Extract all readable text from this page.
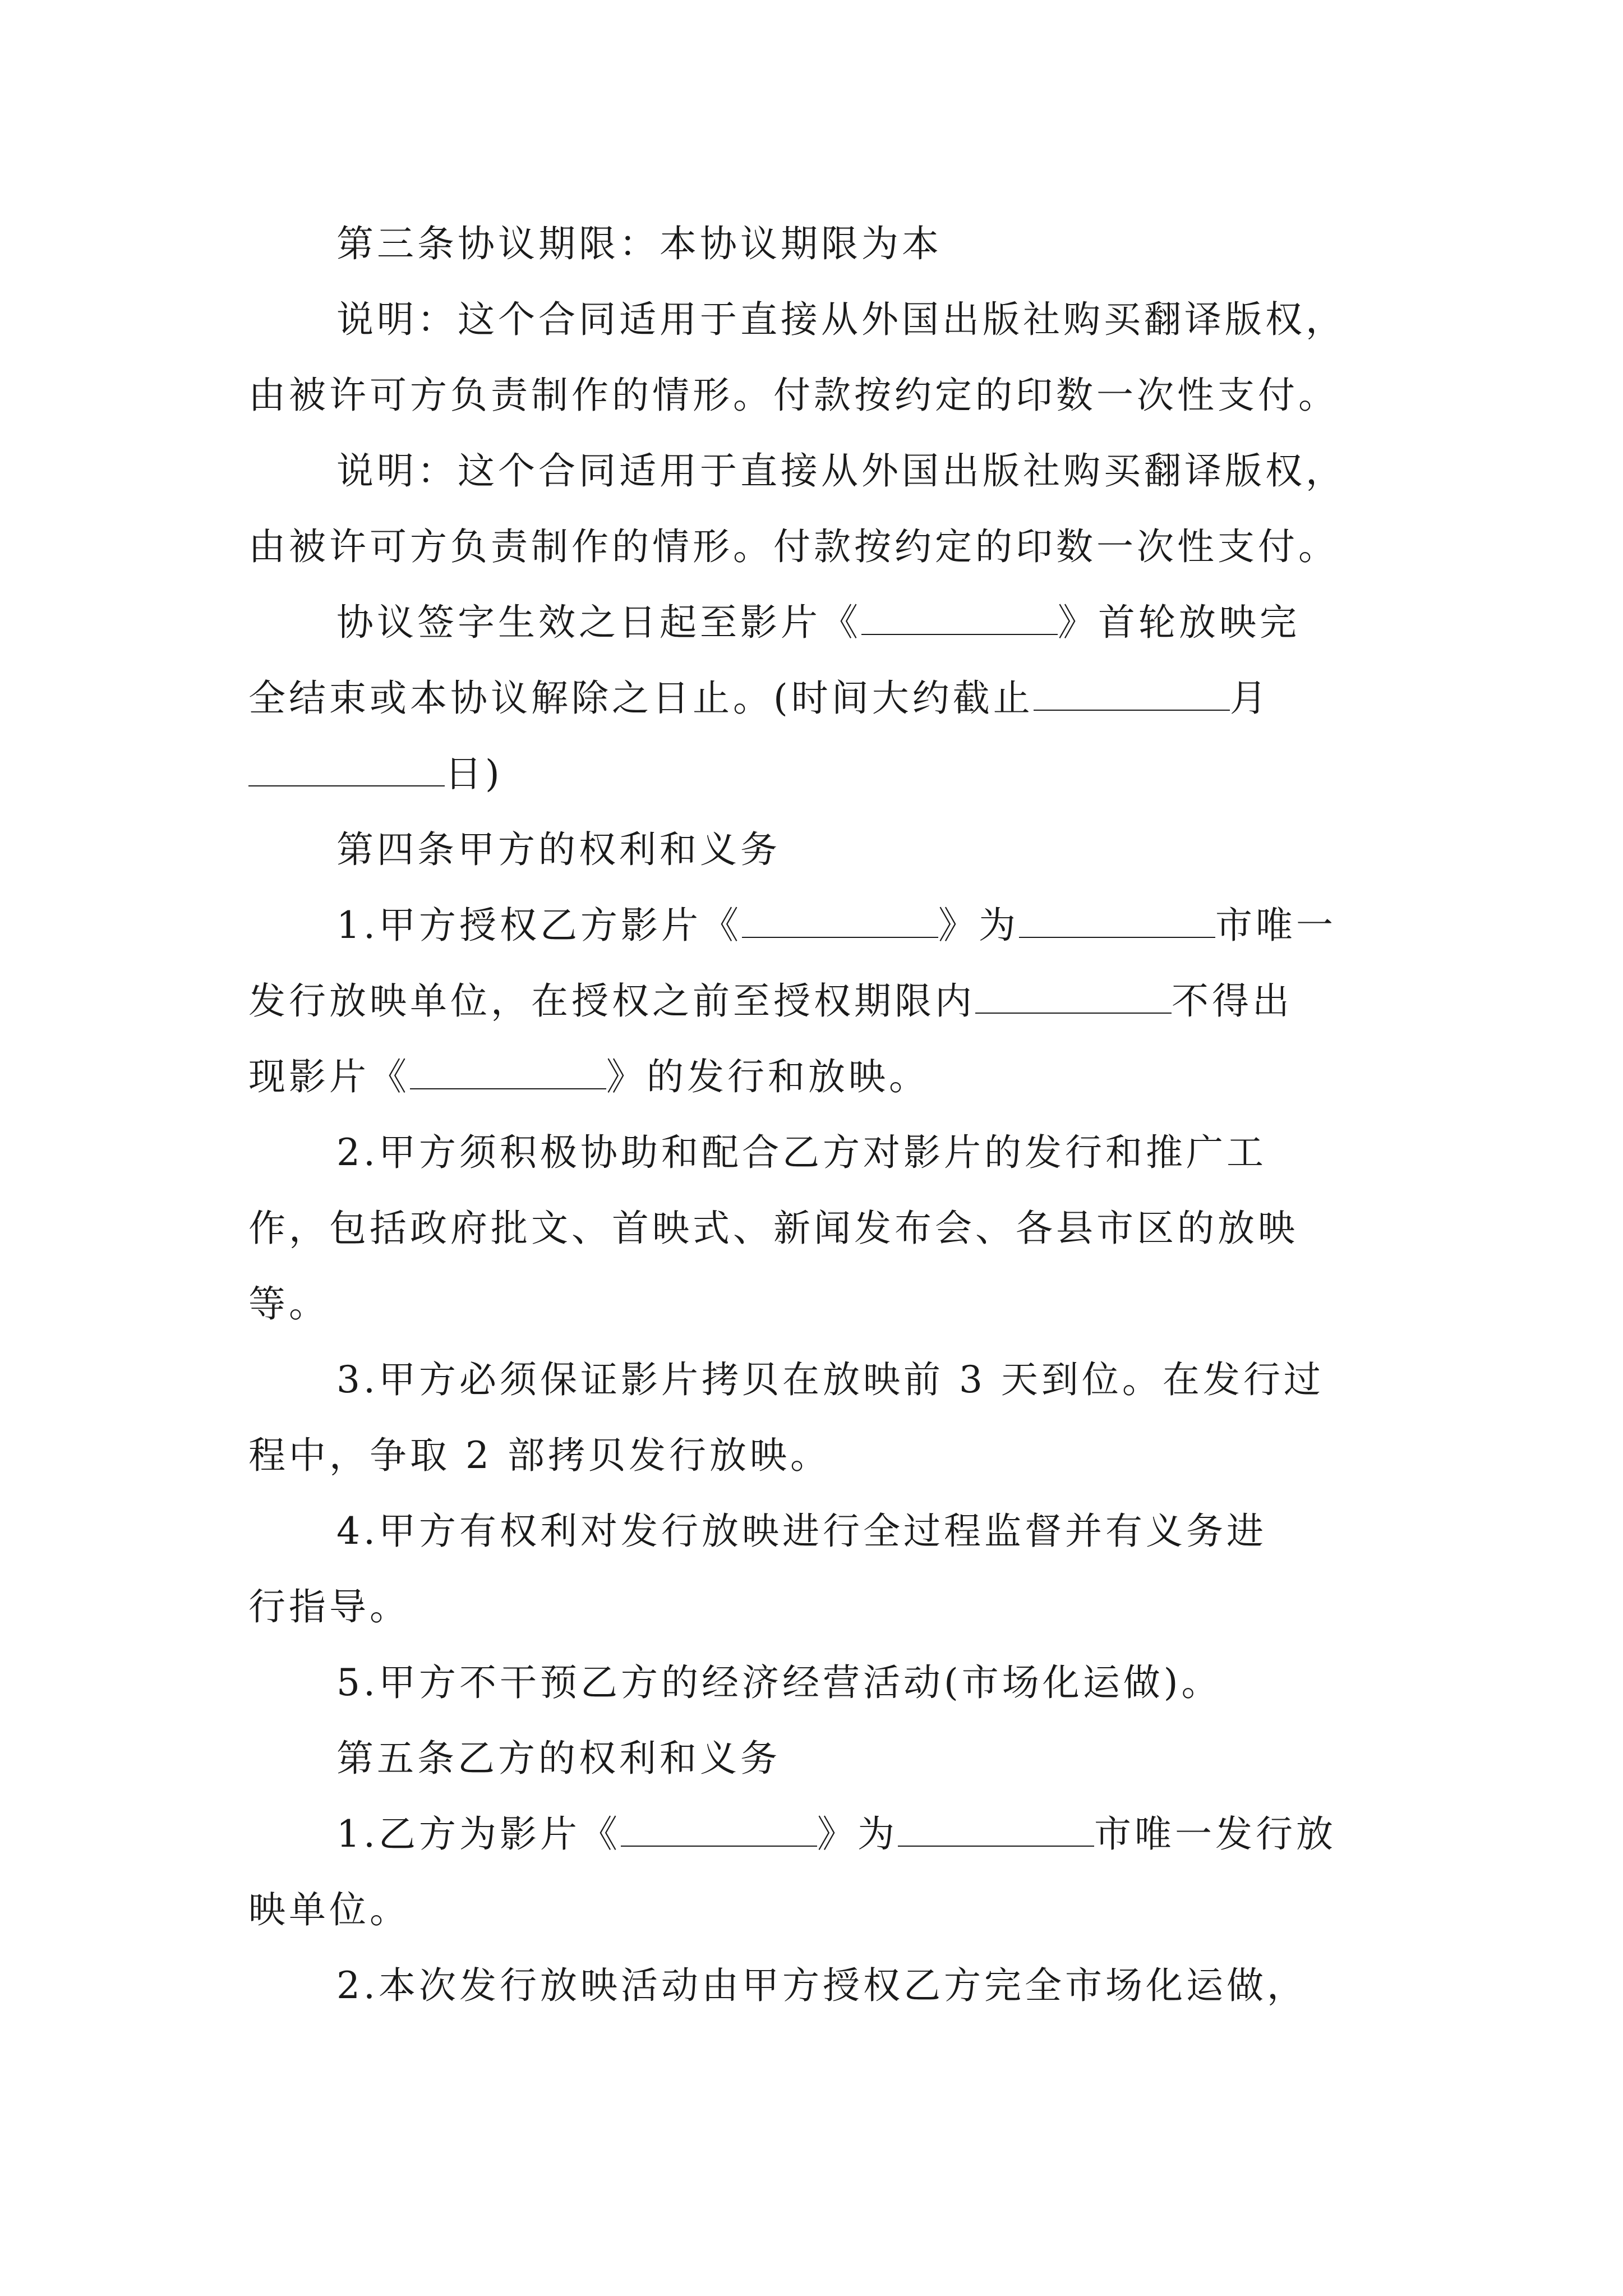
第三条协议期限：本协议期限为本
说明：这个合同适用于直接从外国出版社购买翻译版权，
由被许可方负责制作的情形。付款按约定的印数一次性支付。
说明：这个合同适用于直接从外国出版社购买翻译版权，
由被许可方负责制作的情形。付款按约定的印数一次性支付。
协议签字生效之日起至影片《	》首轮放映完
全结束或本协议解除之日止。(时间大约截止	月
日)
第四条甲方的权利和义务
1.甲方授权乙方影片《	》为	市唯一
发行放映单位，在授权之前至授权期限内	不得出
现影片《	》的发行和放映。
2.甲方须积极协助和配合乙方对影片的发行和推广工
作，包括政府批文、首映式、新闻发布会、各县市区的放映
等。
3.甲方必须保证影片拷贝在放映前 3 天到位。在发行过
程中，争取 2 部拷贝发行放映。
4.甲方有权利对发行放映进行全过程监督并有义务进
行指导。
5.甲方不干预乙方的经济经营活动(市场化运做)。
第五条乙方的权利和义务
1.乙方为影片《	》为	市唯一发行放
映单位。
2.本次发行放映活动由甲方授权乙方完全市场化运做，
